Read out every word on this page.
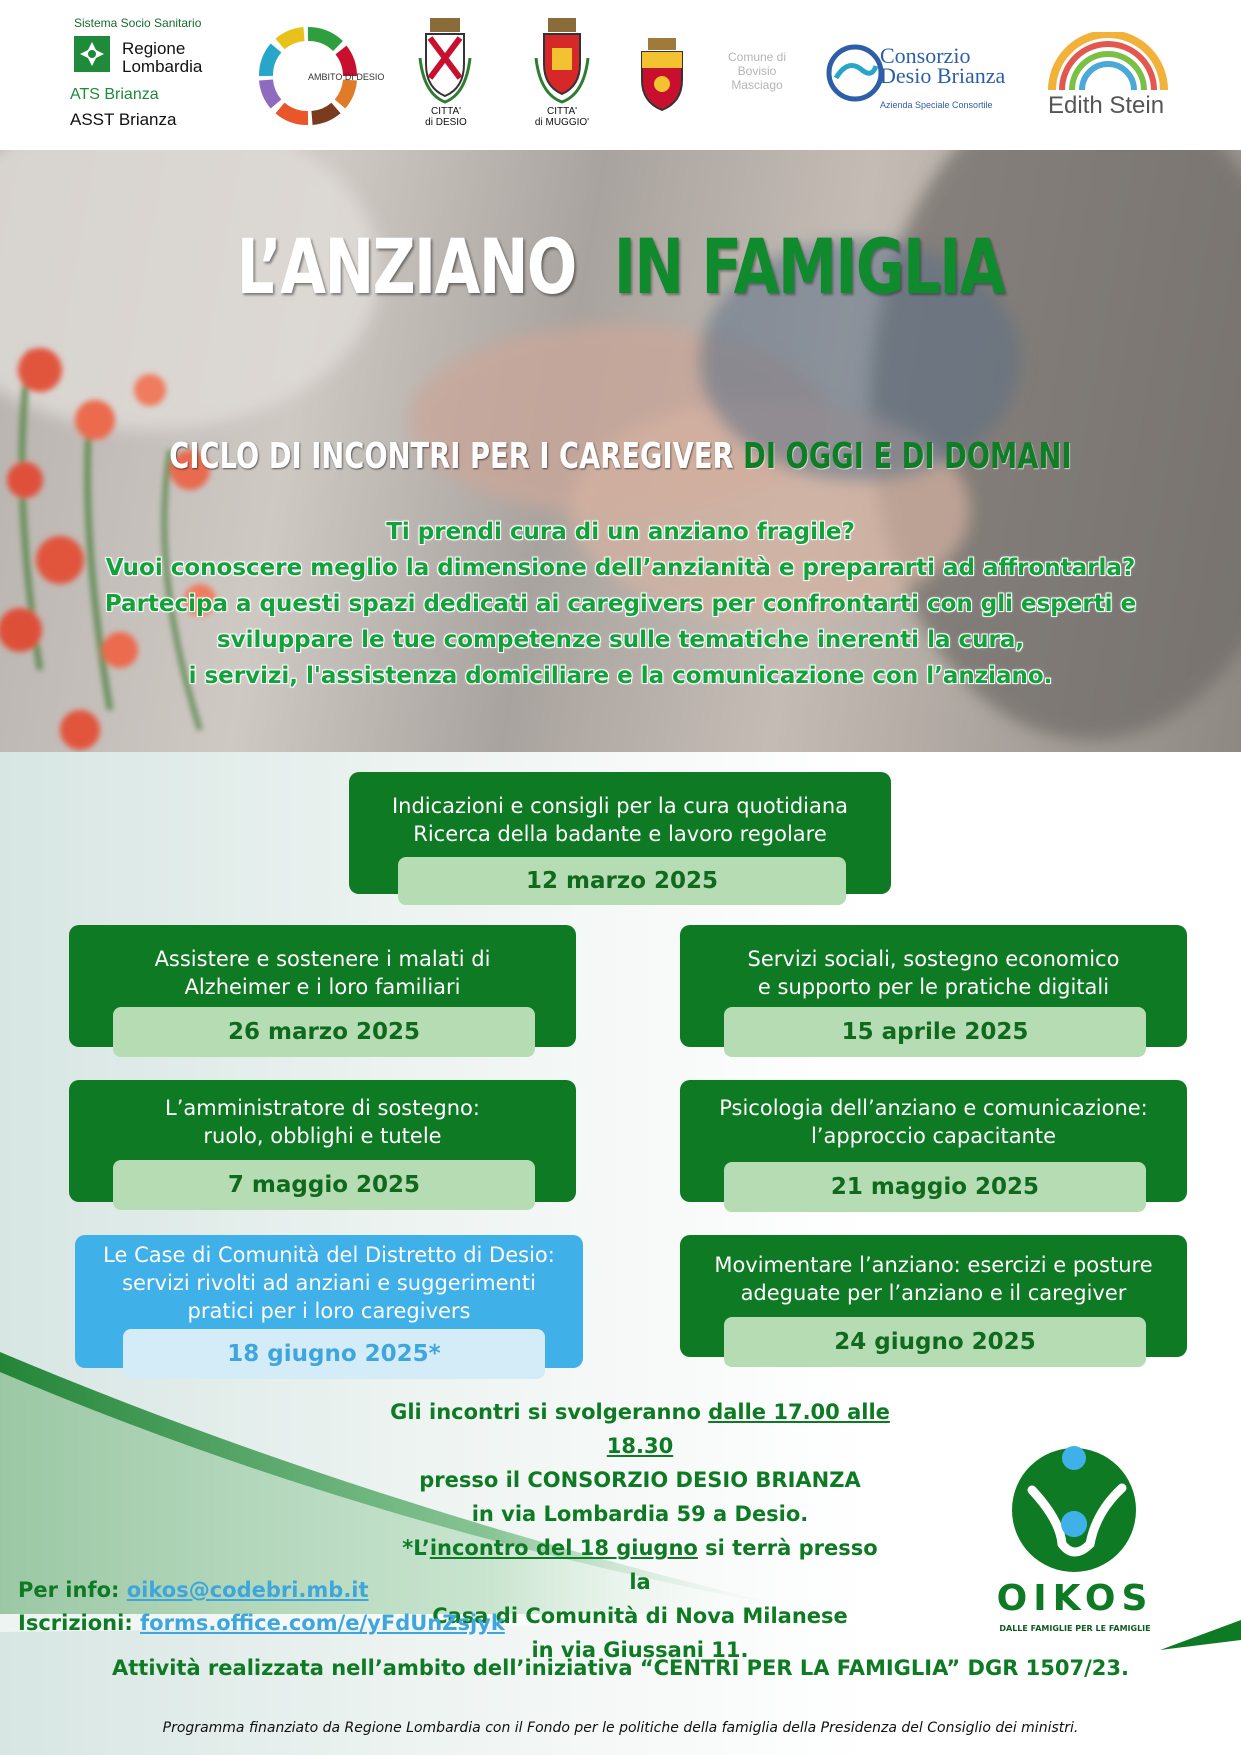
Sistema Socio Sanitario
Regione
Lombardia
ATS Brianza
ASST Brianza
AMBITO DI DESIO
CITTA'
di DESIO
CITTA'
di MUGGIO'
Comune di
Bovisio
Masciago
Consorzio
Desio Brianza
Azienda Speciale Consortile Edith Stein
L’ANZIANO IN FAMIGLIA
CICLO DI INCONTRI PER I CAREGIVER DI OGGI E DI DOMANI

Ti prendi cura di un anziano fragile?

Vuoi conoscere meglio la dimensione dell’anzianità e prepararti ad affrontarla?

Partecipa a questi spazi dedicati ai caregivers per confrontarti con gli esperti e

sviluppare le tue competenze sulle tematiche inerenti la cura,

i servizi, l'assistenza domiciliare e la comunicazione con l’anziano.

Indicazioni e consigli per la cura quotidiana
Ricerca della badante e lavoro regolare
12 marzo 2025
Assistere e sostenere i malati di
Alzheimer e i loro familiari
26 marzo 2025
Servizi sociali, sostegno economico
e supporto per le pratiche digitali
15 aprile 2025
L’amministratore di sostegno:
ruolo, obblighi e tutele
7 maggio 2025
Psicologia dell’anziano e comunicazione:
l’approccio capacitante
21 maggio 2025
Le Case di Comunità del Distretto di Desio:
servizi rivolti ad anziani e suggerimenti
pratici per i loro caregivers
18 giugno 2025*
Movimentare l’anziano: esercizi e posture
adeguate per l’anziano e il caregiver
24 giugno 2025
Gli incontri si svolgeranno dalle 17.00 alle 18.30
presso il CONSORZIO DESIO BRIANZA
in via Lombardia 59 a Desio.
*L’incontro del 18 giugno si terrà presso la
Casa di Comunità di Nova Milanese
in via Giussani 11.
Per info: oikos@codebri.mb.it
Iscrizioni: forms.office.com/e/yFdUnZsjyk
OIKOS
DALLE FAMIGLIE PER LE FAMIGLIE
Attività realizzata nell’ambito dell’iniziativa “CENTRI PER LA FAMIGLIA” DGR 1507/23.
Programma finanziato da Regione Lombardia con il Fondo per le politiche della famiglia della Presidenza del Consiglio dei ministri.
